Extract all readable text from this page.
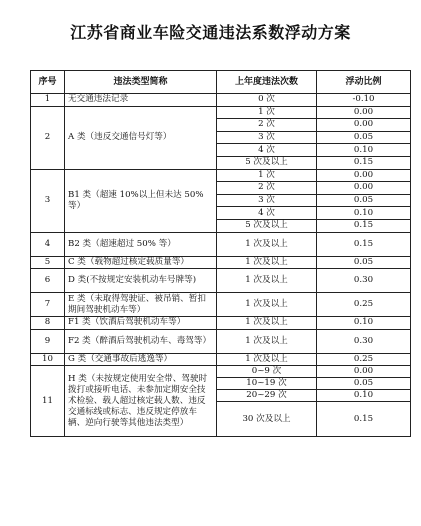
江苏省商业车险交通违法系数浮动方案
序号	违法类型简称	上年度违法次数	浮动比例
1	无交通违法记录	0 次	-0.10
2	A 类（违反交通信号灯等）	1 次	0.00
		2 次	0.00
		3 次	0.05
		4 次	0.10
		5 次及以上	0.15
3	B1 类（超速 10%以上但未达 50% 等）	1 次	0.00
		2 次	0.00
		3 次	0.05
		4 次	0.10
		5 次及以上	0.15
4	B2 类（超速超过 50% 等）	1 次及以上	0.15
5	C 类（载物超过核定载质量等）	1 次及以上	0.05
6	D 类(不按规定安装机动车号牌等)	1 次及以上	0.30
7	E 类（未取得驾驶证、被吊销、暂扣期间驾驶机动车等）	1 次及以上	0.25
8	F1 类（饮酒后驾驶机动车等）	1 次及以上	0.10
9	F2 类（醉酒后驾驶机动车、毒驾等）	1 次及以上	0.30
10	G 类（交通事故后逃逸等）	1 次及以上	0.25
11	H 类（未按规定使用安全带、驾驶时拨打或接听电话、未参加定期安全技术检验、载人超过核定载人数、违反交通标线或标志、违反规定停放车辆、逆向行驶等其他违法类型）	0~9 次	0.00
		10~19 次	0.05
		20~29 次	0.10
		30 次及以上	0.15
